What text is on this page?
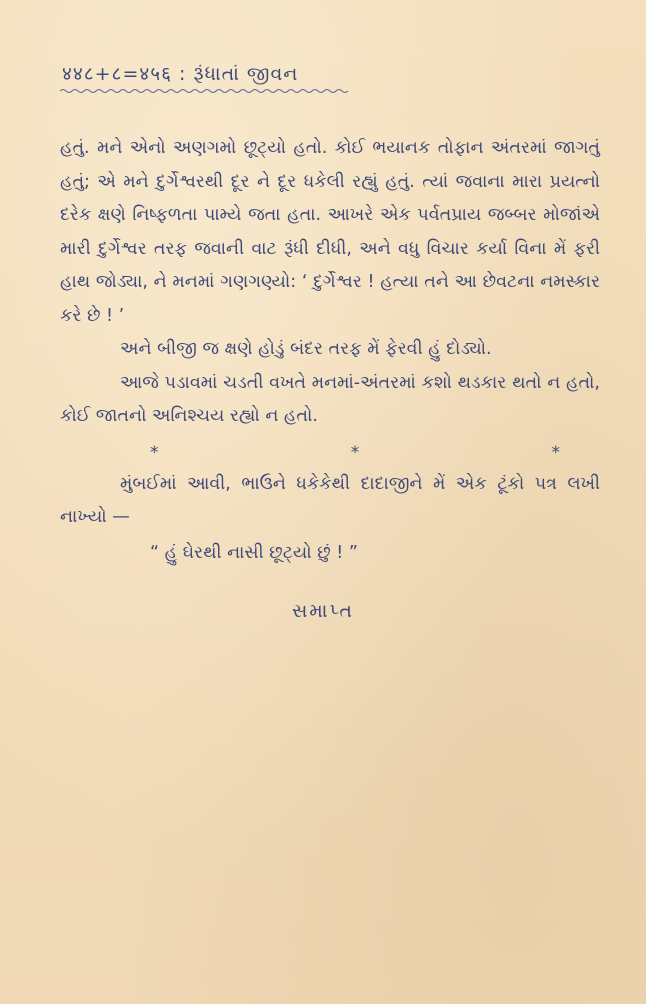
४४८+८=४५६ : રૂંધાતાં જીવન

હતું. મને એનો અણગમો છૂટ્યો હતો. કોઈ ભયાનક તોફાન અંતરમાં જાગતું હતું; એ મને દુર્ગેશ્વરથી દૂર ને દૂર ધકેલી રહ્યું હતું. ત્યાં જવાના મારા પ્રયત્નો દરેક ક્ષણે નિષ્ફળતા પામ્યે જતા હતા. આખરે એક પર્વતપ્રાય જબ્બર મોજાંએ મારી દુર્ગેશ્વર તરફ જવાની વાટ રૂંધી દીધી, અને વધુ વિચાર કર્યા વિના મેં ફરી હાથ જોડ્યા, ને મનમાં ગણગણ્યો: ‘ દુર્ગેશ્વર ! હત્યા તને આ છેવટના નમસ્કાર કરે છે ! ’

અને બીજી જ ક્ષણે હોડું બંદર તરફ મેં ફેરવી હું દોડ્યો.

આજે પડાવમાં ચડતી વખતે મનમાં-અંતરમાં કશો થડકાર થતો ન હતો, કોઈ જાતનો અનિશ્ચય રહ્યો ન હતો.

*	*	*

મુંબઈમાં આવી, ભાઉને ધકેકેથી દાદાજીને મેં એક ટૂંકો પત્ર લખી નાખ્યો —

“ હું ઘેરથી નાસી છૂટ્યો છું ! ”

સમાપ્ત
